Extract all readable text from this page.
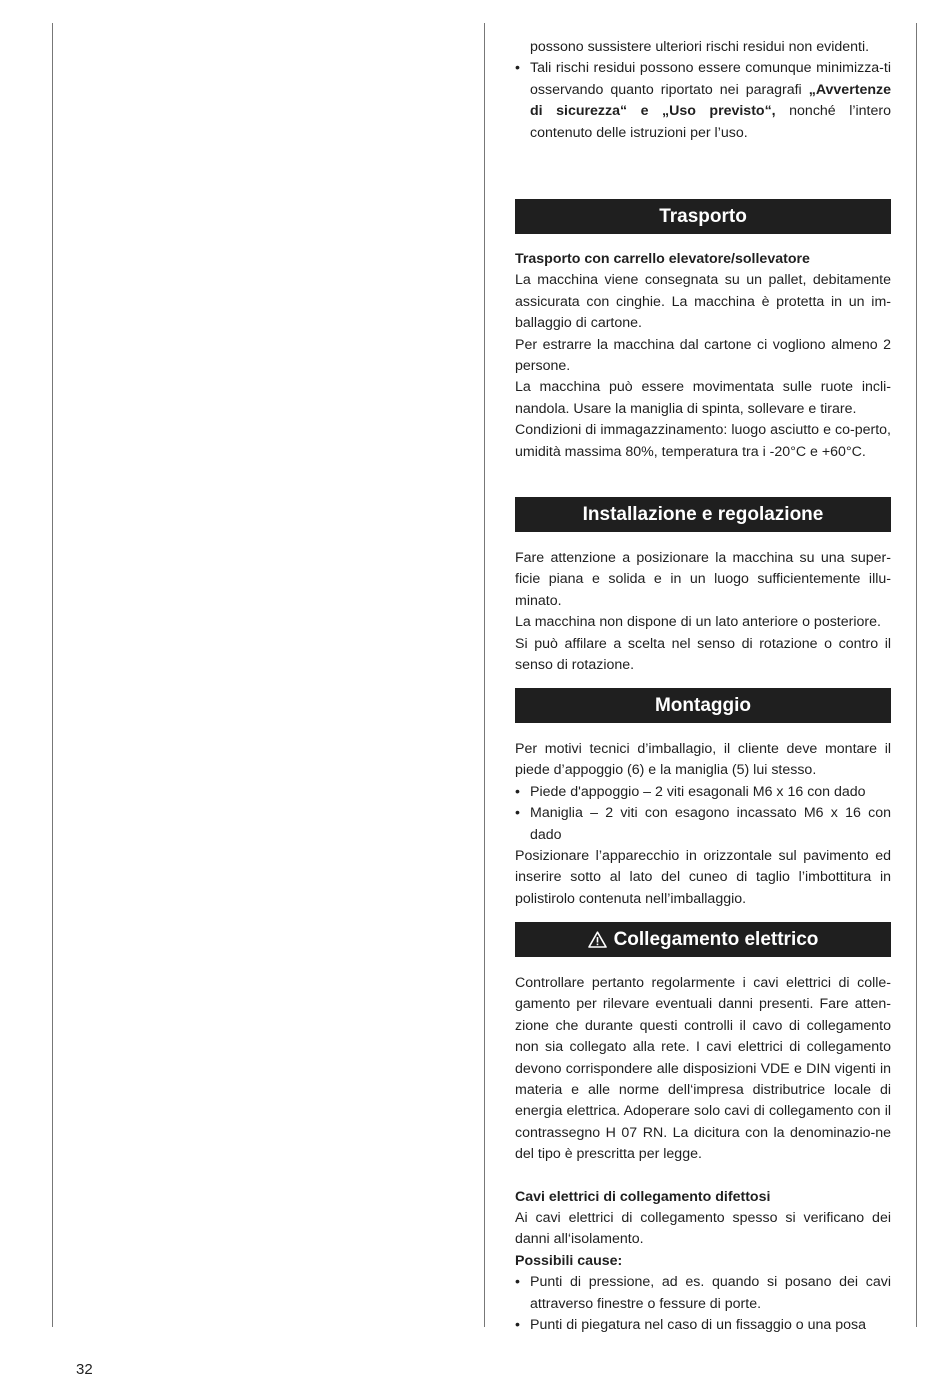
possono sussistere ulteriori rischi residui non evidenti.

• Tali rischi residui possono essere comunque minimizza-ti osservando quanto riportato nei paragrafi „Avvertenze di sicurezza“ e „Uso previsto“, nonché l’intero contenuto delle istruzioni per l’uso.
Trasporto

Trasporto con carrello elevatore/sollevatore

La macchina viene consegnata su un pallet, debitamente assicurata con cinghie. La macchina è protetta in un im-ballaggio di cartone.

Per estrarre la macchina dal cartone ci vogliono almeno 2 persone.

La macchina può essere movimentata sulle ruote incli-nandola. Usare la maniglia di spinta, sollevare e tirare.

Condizioni di immagazzinamento: luogo asciutto e co-perto, umidità massima 80%, temperatura tra i -20°C e +60°C.

Installazione e regolazione

Fare attenzione a posizionare la macchina su una super-ficie piana e solida e in un luogo sufficientemente illu-minato.

La macchina non dispone di un lato anteriore o posteriore.

Si può affilare a scelta nel senso di rotazione o contro il senso di rotazione.

Montaggio

Per motivi tecnici d’imballagio, il cliente deve montare il piede d’appoggio (6) e la maniglia (5) lui stesso.

• Piede d'appoggio – 2 viti esagonali M6 x 16 con dado
• Maniglia – 2 viti con esagono incassato M6 x 16 con dado

Posizionare l’apparecchio in orizzontale sul pavimento ed inserire sotto al lato del cuneo di taglio l’imbottitura in polistirolo contenuta nell’imballaggio.

Collegamento elettrico

Controllare pertanto regolarmente i cavi elettrici di colle-gamento per rilevare eventuali danni presenti. Fare atten-zione che durante questi controlli il cavo di collegamento non sia collegato alla rete. I cavi elettrici di collegamento devono corrispondere alle disposizioni VDE e DIN vigenti in materia e alle norme dell‘impresa distributrice locale di energia elettrica. Adoperare solo cavi di collegamento con il contrassegno H 07 RN. La dicitura con la denominazio-ne del tipo è prescritta per legge.

Cavi elettrici di collegamento difettosi

Ai cavi elettrici di collegamento spesso si verificano dei danni all‘isolamento.

Possibili cause:

• Punti di pressione, ad es. quando si posano dei cavi attraverso finestre o fessure di porte.
• Punti di piegatura nel caso di un fissaggio o una posa
32
